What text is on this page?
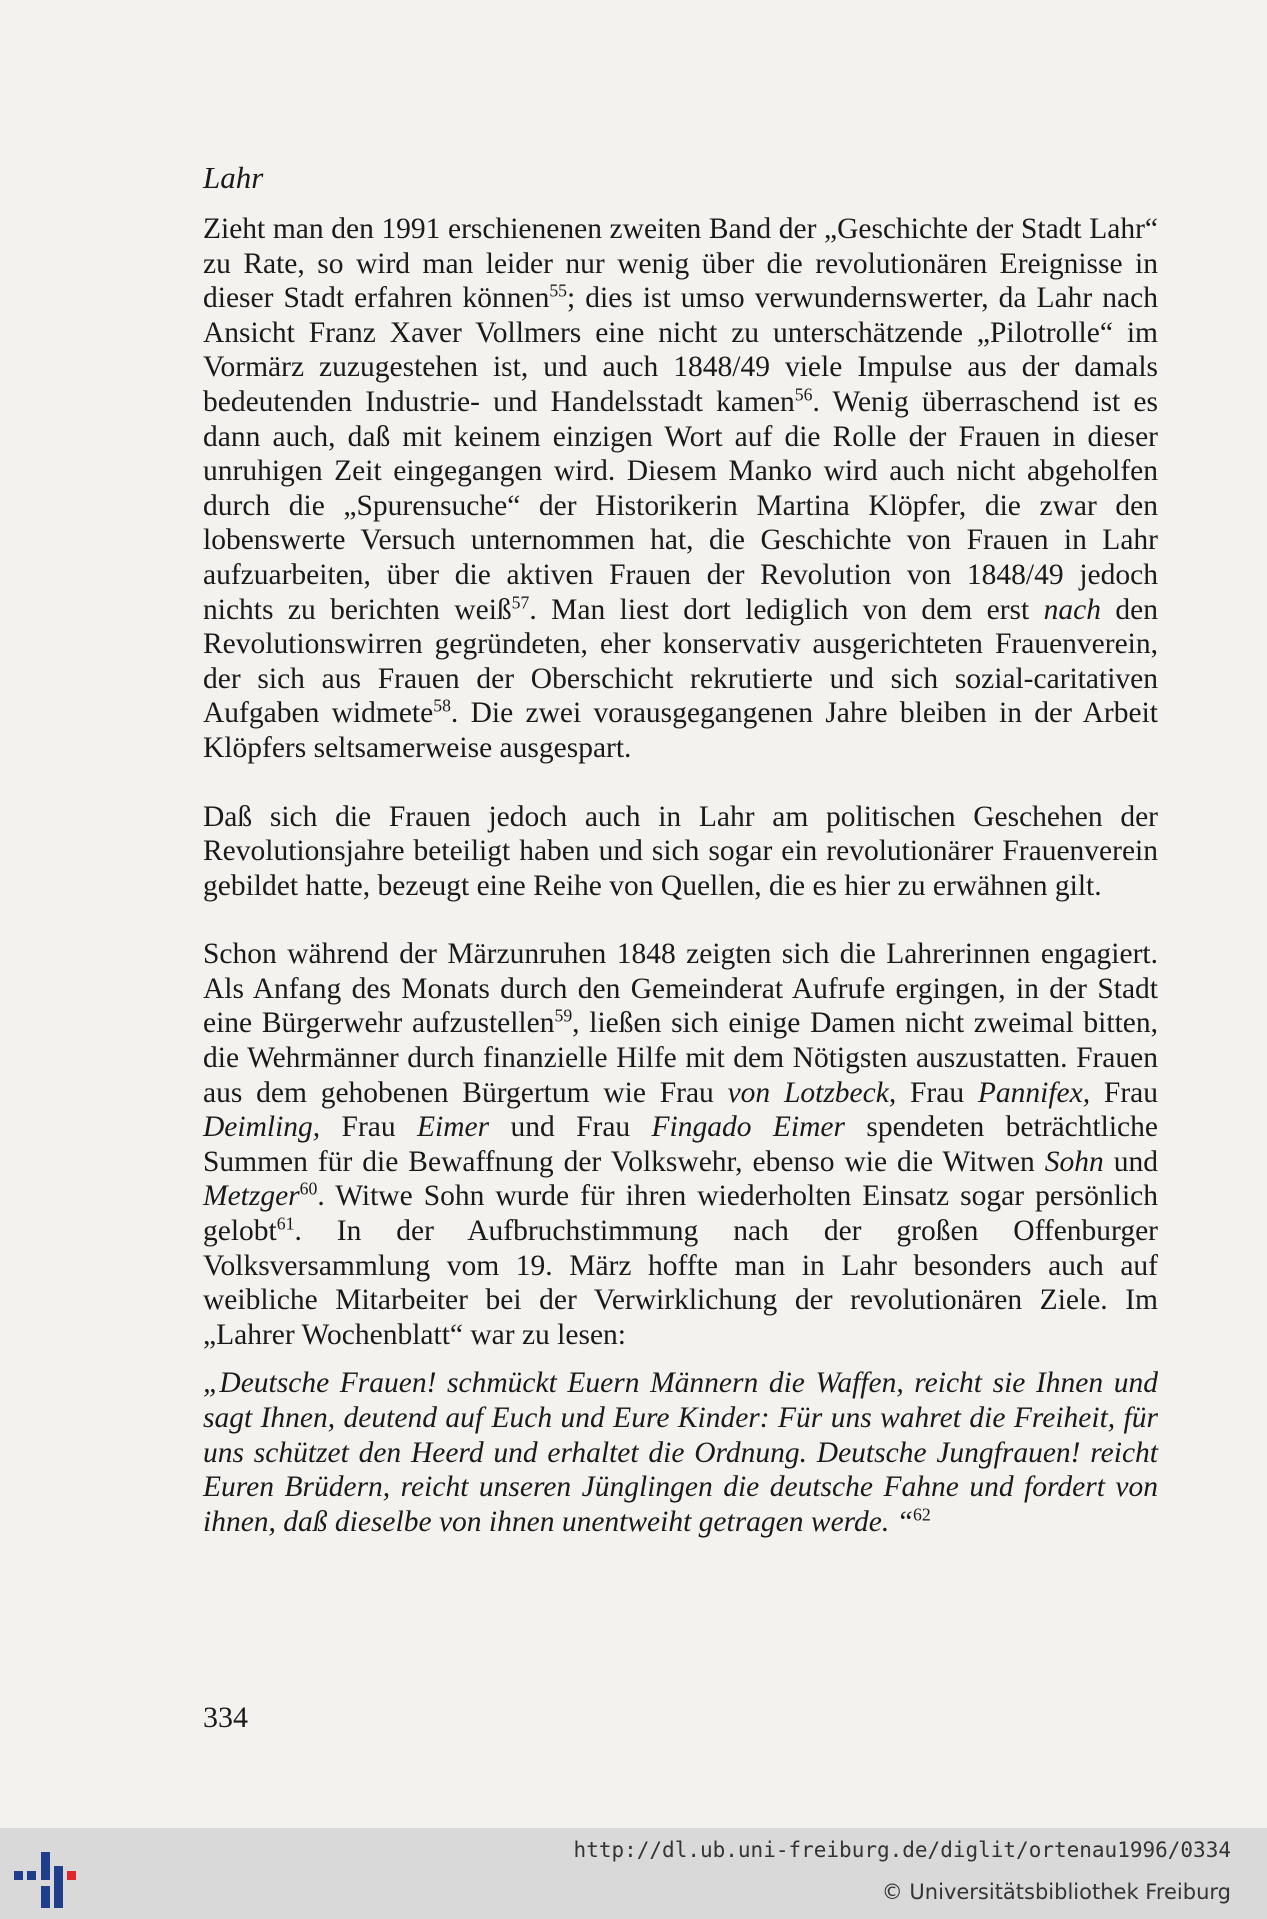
Lahr

Zieht man den 1991 erschienenen zweiten Band der „Geschichte der Stadt Lahr“ zu Rate, so wird man leider nur wenig über die revolutionären Ereignisse in dieser Stadt erfahren können$^{55}$; dies ist umso verwundernswerter, da Lahr nach Ansicht Franz Xaver Vollmers eine nicht zu unterschätzende „Pilotrolle“ im Vormärz zuzugestehen ist, und auch 1848/49 viele Impulse aus der damals bedeutenden Industrie- und Handelsstadt kamen$^{56}$. Wenig überraschend ist es dann auch, daß mit keinem einzigen Wort auf die Rolle der Frauen in dieser unruhigen Zeit eingegangen wird. Diesem Manko wird auch nicht abgeholfen durch die „Spurensuche“ der Historikerin Martina Klöpfer, die zwar den lobenswerte Versuch unternommen hat, die Geschichte von Frauen in Lahr aufzuarbeiten, über die aktiven Frauen der Revolution von 1848/49 jedoch nichts zu berichten weiß$^{57}$. Man liest dort lediglich von dem erst nach den Revolutionswirren gegründeten, eher konservativ ausgerichteten Frauenverein, der sich aus Frauen der Oberschicht rekrutierte und sich sozial-caritativen Aufgaben widmete$^{58}$. Die zwei vorausgegangenen Jahre bleiben in der Arbeit Klöpfers seltsamerweise ausgespart.

Daß sich die Frauen jedoch auch in Lahr am politischen Geschehen der Revolutionsjahre beteiligt haben und sich sogar ein revolutionärer Frauenverein gebildet hatte, bezeugt eine Reihe von Quellen, die es hier zu erwähnen gilt.

Schon während der Märzunruhen 1848 zeigten sich die Lahrerinnen engagiert. Als Anfang des Monats durch den Gemeinderat Aufrufe ergingen, in der Stadt eine Bürgerwehr aufzustellen$^{59}$, ließen sich einige Damen nicht zweimal bitten, die Wehrmänner durch finanzielle Hilfe mit dem Nötigsten auszustatten. Frauen aus dem gehobenen Bürgertum wie Frau von Lotzbeck, Frau Pannifex, Frau Deimling, Frau Eimer und Frau Fingado Eimer spendeten beträchtliche Summen für die Bewaffnung der Volkswehr, ebenso wie die Witwen Sohn und Metzger$^{60}$. Witwe Sohn wurde für ihren wiederholten Einsatz sogar persönlich gelobt$^{61}$. In der Aufbruchstimmung nach der großen Offenburger Volksversammlung vom 19. März hoffte man in Lahr besonders auch auf weibliche Mitarbeiter bei der Verwirklichung der revolutionären Ziele. Im „Lahrer Wochenblatt“ war zu lesen:

„Deutsche Frauen! schmückt Euern Männern die Waffen, reicht sie Ihnen und sagt Ihnen, deutend auf Euch und Eure Kinder: Für uns wahret die Freiheit, für uns schützet den Heerd und erhaltet die Ordnung. Deutsche Jungfrauen! reicht Euren Brüdern, reicht unseren Jünglingen die deutsche Fahne und fordert von ihnen, daß dieselbe von ihnen unentweiht getragen werde. “$^{62}$

334
http://dl.ub.uni-freiburg.de/diglit/ortenau1996/0334
© Universitätsbibliothek Freiburg
